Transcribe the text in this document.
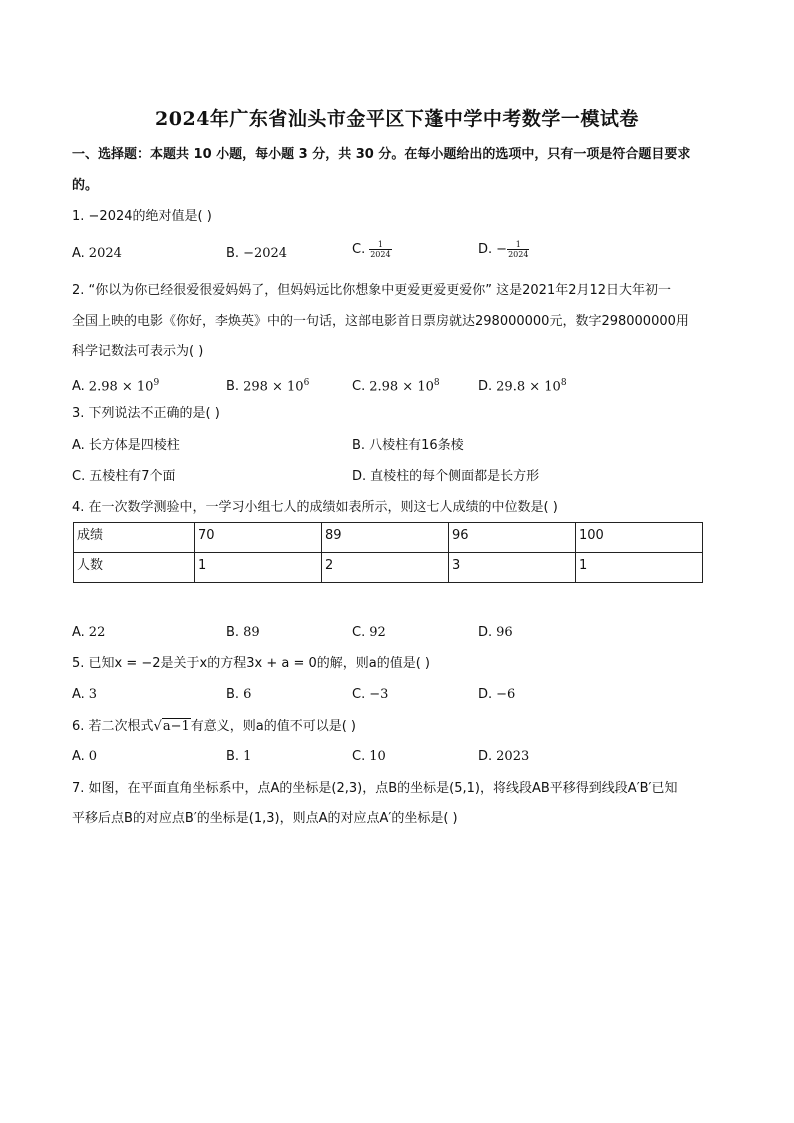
2024年广东省汕头市金平区下蓬中学中考数学一模试卷
一、选择题：本题共 10 小题，每小题 3 分，共 30 分。在每小题给出的选项中，只有一项是符合题目要求
的。
1. −2024的绝对值是( )
A. 2024	B. −2024	C. $\frac{1}{2024}$	D. − $\frac{1}{2024}$
2. “你以为你已经很爱很爱妈妈了，但妈妈远比你想象中更爱更爱更爱你” 这是2021年2月12日大年初一
全国上映的电影《你好，李焕英》中的一句话，这部电影首日票房就达298000000元，数字298000000用
科学记数法可表示为( )
A. $2.98 \times 10^9$	B. $298 \times 10^6$	C. $2.98 \times 10^8$	D. $29.8 \times 10^8$
3. 下列说法不正确的是( )
A. 长方体是四棱柱	B. 八棱柱有16条棱
C. 五棱柱有7个面	D. 直棱柱的每个侧面都是长方形
4. 在一次数学测验中，一学习小组七人的成绩如表所示，则这七人成绩的中位数是( )
成绩	70	89	96	100
人数	1	2	3	1
A. 22	B. 89	C. 92	D. 96
5. 已知x = −2是关于x的方程3x + a = 0的解，则a的值是( )
A. 3	B. 6	C. −3	D. −6
6. 若二次根式√a−1有意义，则a的值不可以是( )
A. 0	B. 1	C. 10	D. 2023
7. 如图，在平面直角坐标系中，点A的坐标是(2,3)，点B的坐标是(5,1)，将线段AB平移得到线段A′B′已知
平移后点B的对应点B′的坐标是(1,3)，则点A的对应点A′的坐标是( )
